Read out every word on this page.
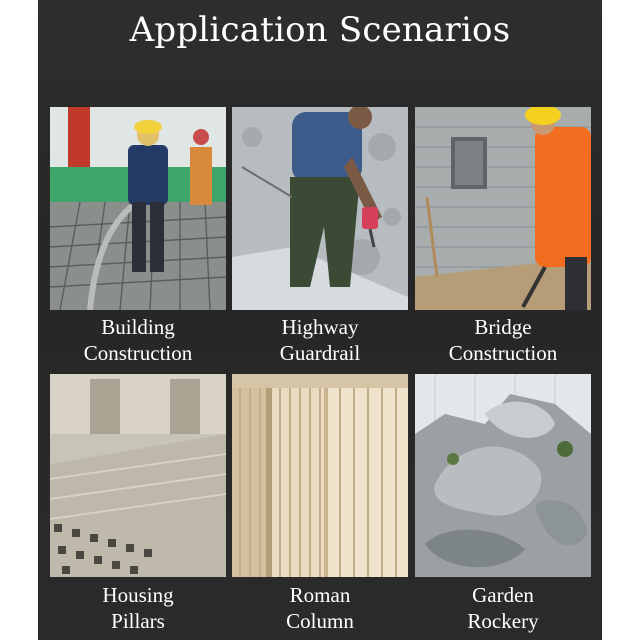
Application Scenarios
Building
Construction
Highway
Guardrail
Bridge
Construction
Housing
Pillars
Roman
Column
Garden
Rockery
